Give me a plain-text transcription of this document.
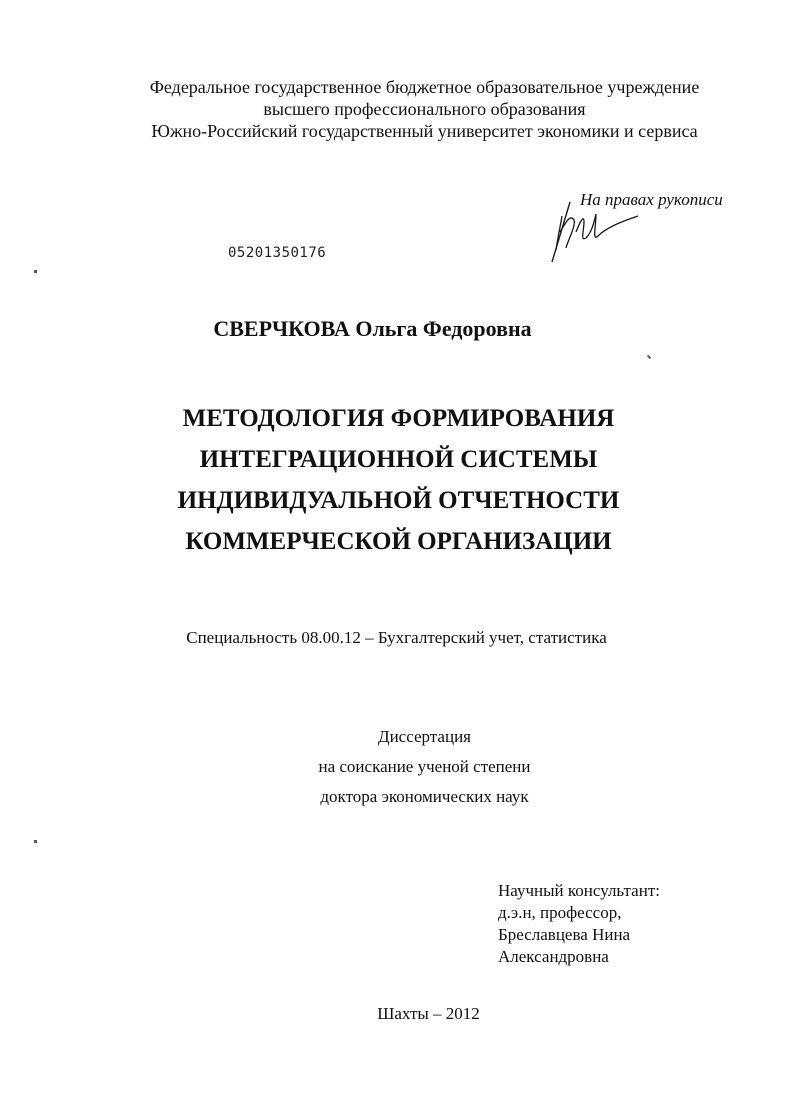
Федеральное государственное бюджетное образовательное учреждение
высшего профессионального образования
Южно-Российский государственный университет экономики и сервиса
На правах рукописи
05201350176
СВЕРЧКОВА Ольга Федоровна
МЕТОДОЛОГИЯ ФОРМИРОВАНИЯ
ИНТЕГРАЦИОННОЙ СИСТЕМЫ
ИНДИВИДУАЛЬНОЙ ОТЧЕТНОСТИ
КОММЕРЧЕСКОЙ ОРГАНИЗАЦИИ
Специальность 08.00.12 – Бухгалтерский учет, статистика
Диссертация
на соискание ученой степени
доктора экономических наук
Научный консультант:
д.э.н, профессор,
Бреславцева Нина
Александровна
Шахты – 2012
